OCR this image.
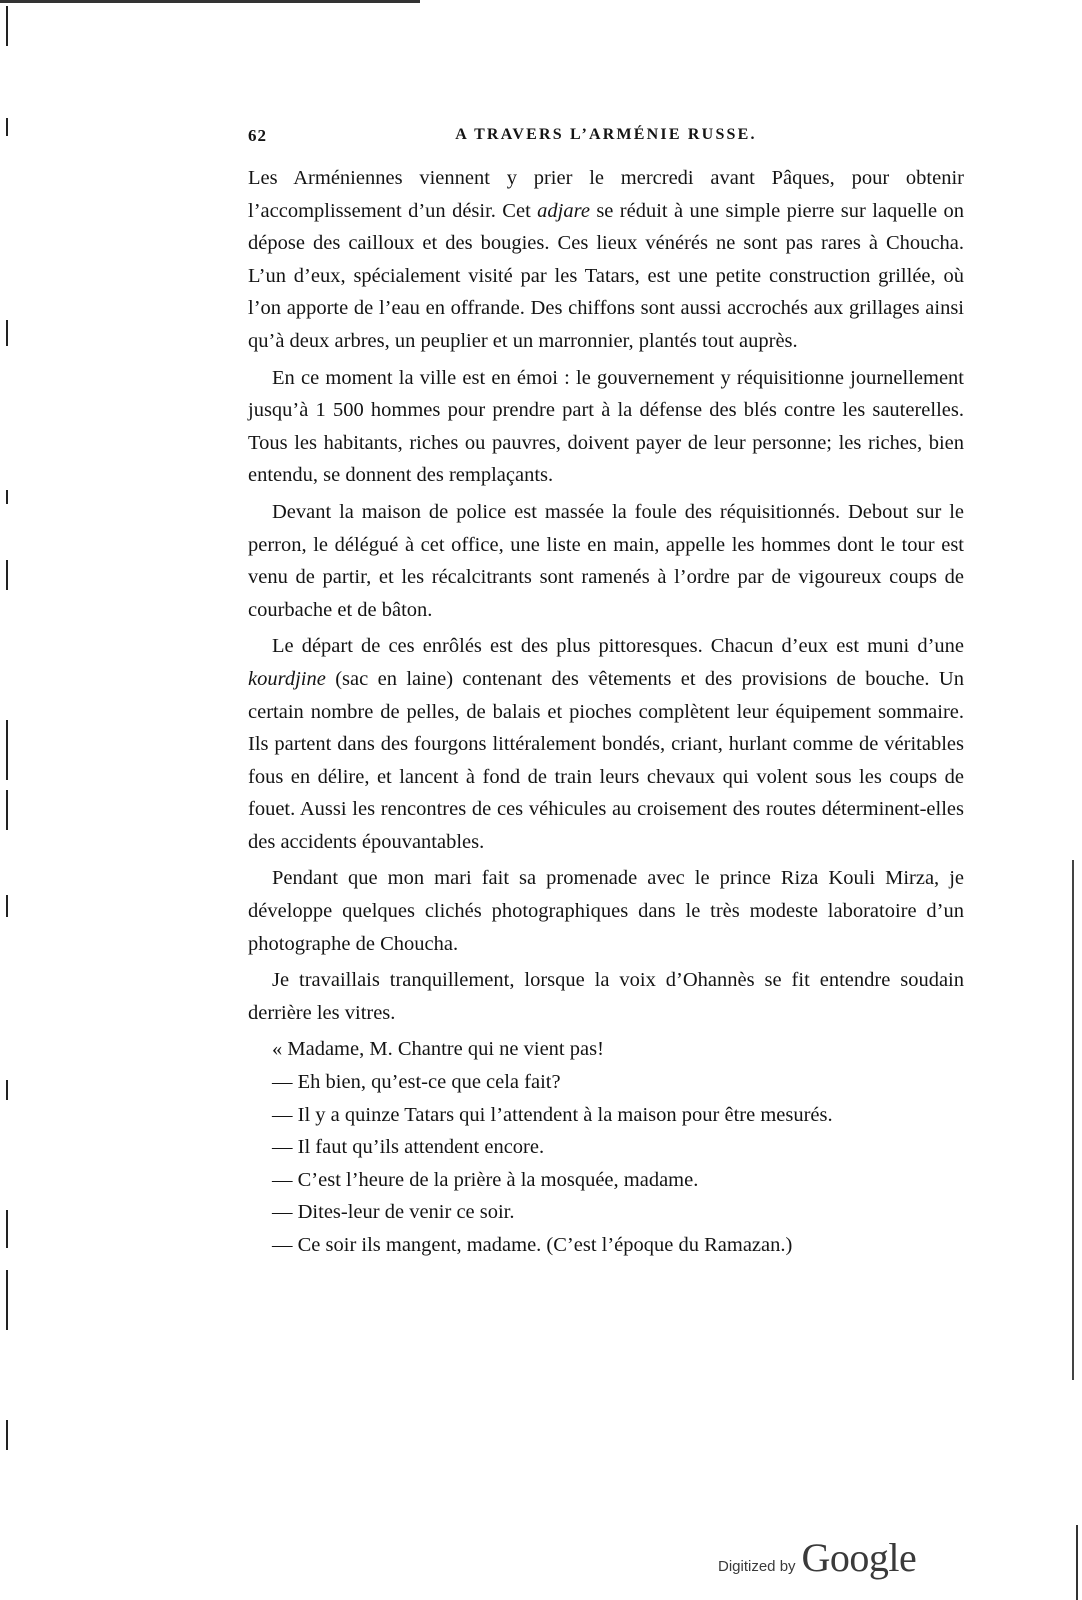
62	A TRAVERS L’ARMÉNIE RUSSE.

Les Arméniennes viennent y prier le mercredi avant Pâques, pour obtenir l’accomplissement d’un désir. Cet adjare se réduit à une simple pierre sur laquelle on dépose des cailloux et des bougies. Ces lieux vénérés ne sont pas rares à Choucha. L’un d’eux, spécialement visité par les Tatars, est une petite construction grillée, où l’on apporte de l’eau en offrande. Des chiffons sont aussi accrochés aux grillages ainsi qu’à deux arbres, un peuplier et un marronnier, plantés tout auprès.

En ce moment la ville est en émoi : le gouvernement y réquisitionne journellement jusqu’à 1 500 hommes pour prendre part à la défense des blés contre les sauterelles. Tous les habitants, riches ou pauvres, doivent payer de leur personne; les riches, bien entendu, se donnent des remplaçants.

Devant la maison de police est massée la foule des réquisitionnés. Debout sur le perron, le délégué à cet office, une liste en main, appelle les hommes dont le tour est venu de partir, et les récalcitrants sont ramenés à l’ordre par de vigoureux coups de courbache et de bâton.

Le départ de ces enrôlés est des plus pittoresques. Chacun d’eux est muni d’une kourdjine (sac en laine) contenant des vêtements et des provisions de bouche. Un certain nombre de pelles, de balais et pioches complètent leur équipement sommaire. Ils partent dans des fourgons littéralement bondés, criant, hurlant comme de véritables fous en délire, et lancent à fond de train leurs chevaux qui volent sous les coups de fouet. Aussi les rencontres de ces véhicules au croisement des routes déterminent-elles des accidents épouvantables.

Pendant que mon mari fait sa promenade avec le prince Riza Kouli Mirza, je développe quelques clichés photographiques dans le très modeste laboratoire d’un photographe de Choucha.

Je travaillais tranquillement, lorsque la voix d’Ohannès se fit entendre soudain derrière les vitres.

« Madame, M. Chantre qui ne vient pas!
— Eh bien, qu’est-ce que cela fait?
— Il y a quinze Tatars qui l’attendent à la maison pour être mesurés.
— Il faut qu’ils attendent encore.
— C’est l’heure de la prière à la mosquée, madame.
— Dites-leur de venir ce soir.
— Ce soir ils mangent, madame. (C’est l’époque du Ramazan.)
Digitized by Google
